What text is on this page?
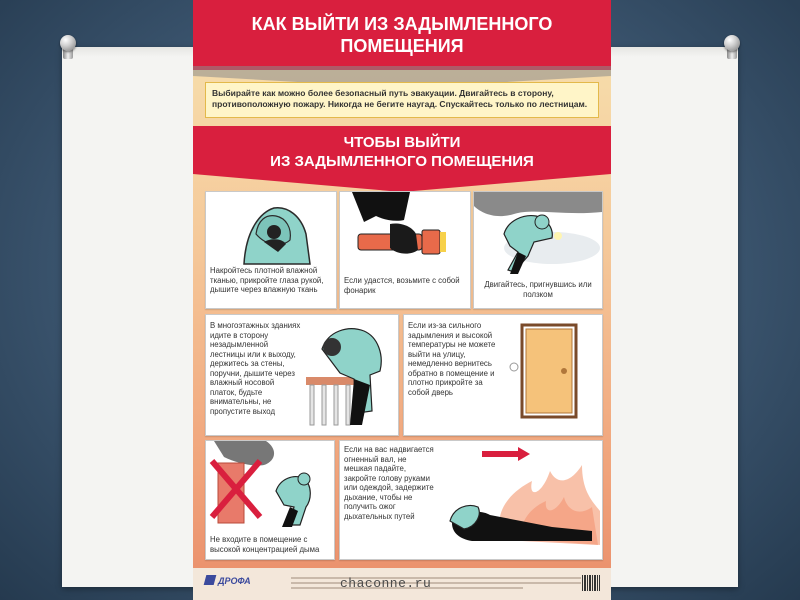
КАК ВЫЙТИ ИЗ ЗАДЫМЛЕННОГО
ПОМЕЩЕНИЯ
Выбирайте как можно более безопасный путь эвакуации. Двигайтесь в сторону, противоположную пожару. Никогда не бегите наугад. Спускайтесь только по лестницам.
ЧТОБЫ ВЫЙТИ
ИЗ ЗАДЫМЛЕННОГО ПОМЕЩЕНИЯ
Накройтесь плотной влажной тканью, прикройте глаза рукой, дышите через влажную ткань
Если удастся, возьмите с собой фонарик
Двигайтесь, пригнувшись или ползком
В многоэтажных зданиях идите в сторону незадымленной лестницы или к выходу, держитесь за стены, поручни, дышите через влажный носовой платок, будьте внимательны, не пропустите выход
Если из-за сильного задымления и высокой температуры не можете выйти на улицу, немедленно вернитесь обратно в помещение и плотно прикройте за собой дверь
Не входите в помещение с высокой концентрацией дыма
Если на вас надвигается огненный вал, не мешкая падайте, закройте голову руками или одеждой, задержите дыхание, чтобы не получить ожог дыхательных путей
ДРОФА	chaconne.ru
